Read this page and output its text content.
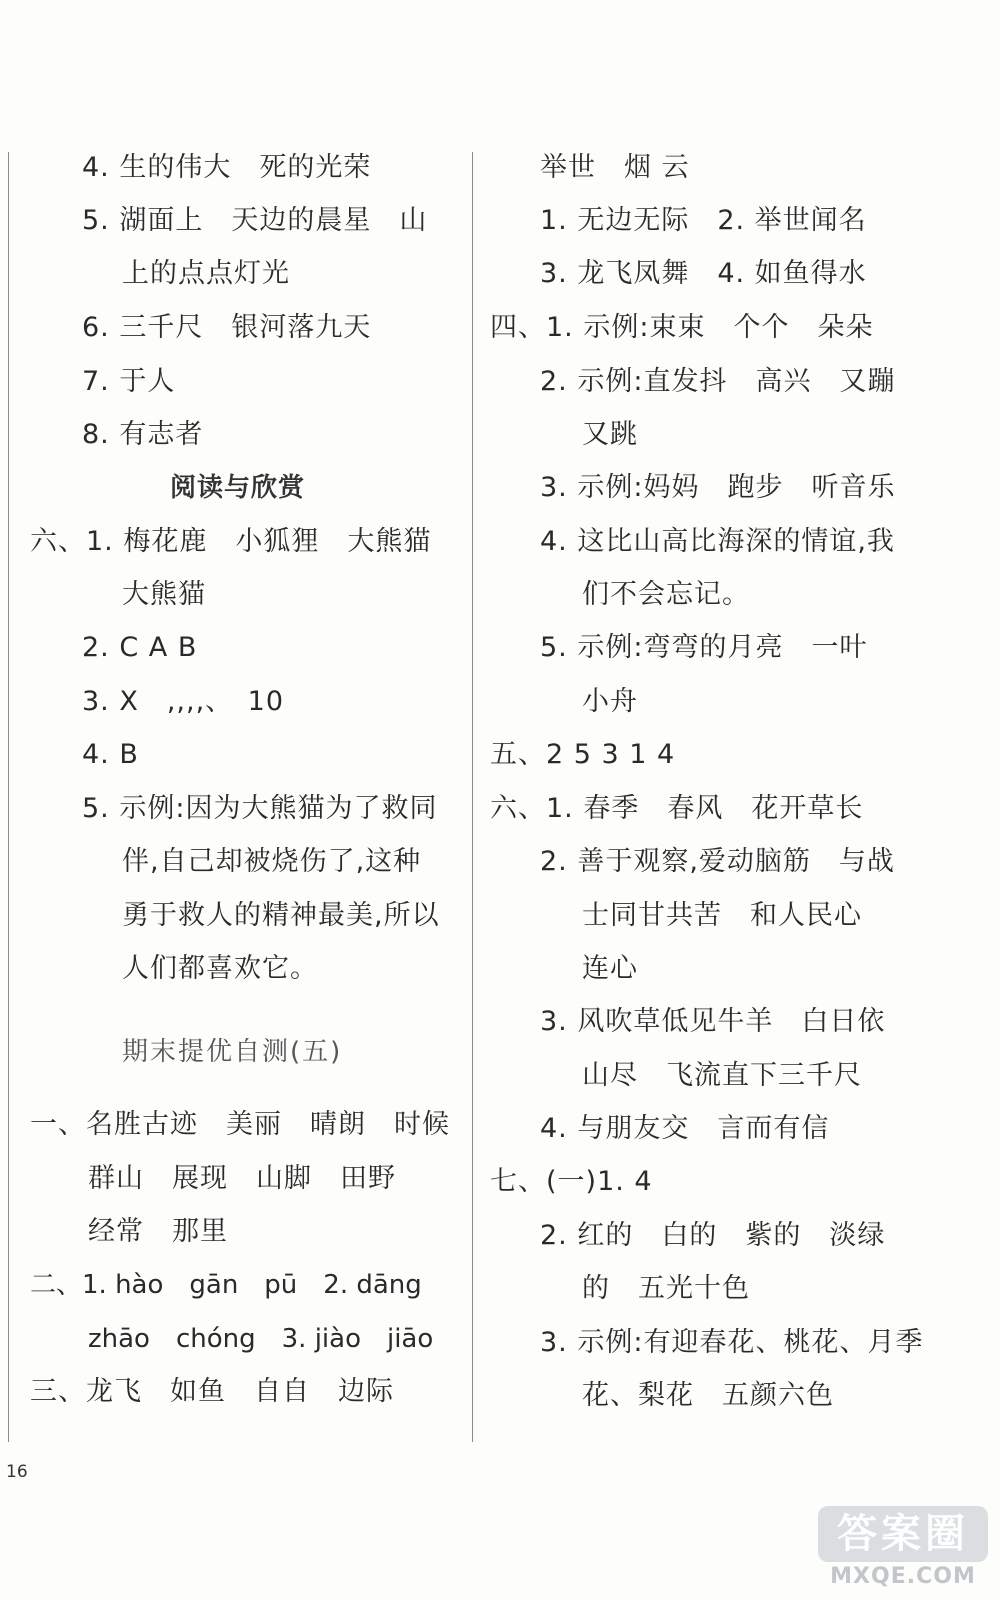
4. 生的伟大　死的光荣
5. 湖面上　天边的晨星　山
上的点点灯光
6. 三千尺　银河落九天
7. 于人
8. 有志者
阅读与欣赏
六、1. 梅花鹿　小狐狸　大熊猫
大熊猫
2. C A B
3. X　,,,,、　10
4. B
5. 示例:因为大熊猫为了救同
伴,自己却被烧伤了,这种
勇于救人的精神最美,所以
人们都喜欢它。
期末提优自测(五)
一、名胜古迹　美丽　晴朗　时候
群山　展现　山脚　田野
经常　那里
二、1. hào　gān　pū　2. dāng
zhāo　chóng　3. jiào　jiāo
三、龙飞　如鱼　自自　边际
举世　烟 云
1. 无边无际　2. 举世闻名
3. 龙飞凤舞　4. 如鱼得水
四、1. 示例:束束　个个　朵朵
2. 示例:直发抖　高兴　又蹦
又跳
3. 示例:妈妈　跑步　听音乐
4. 这比山高比海深的情谊,我
们不会忘记。
5. 示例:弯弯的月亮　一叶
小舟
五、2 5 3 1 4
六、1. 春季　春风　花开草长
2. 善于观察,爱动脑筋　与战
士同甘共苦　和人民心
连心
3. 风吹草低见牛羊　白日依
山尽　飞流直下三千尺
4. 与朋友交　言而有信
七、(一)1. 4
2. 红的　白的　紫的　淡绿
的　五光十色
3. 示例:有迎春花、桃花、月季
花、梨花　五颜六色
16
答案圈
MXQE.COM
